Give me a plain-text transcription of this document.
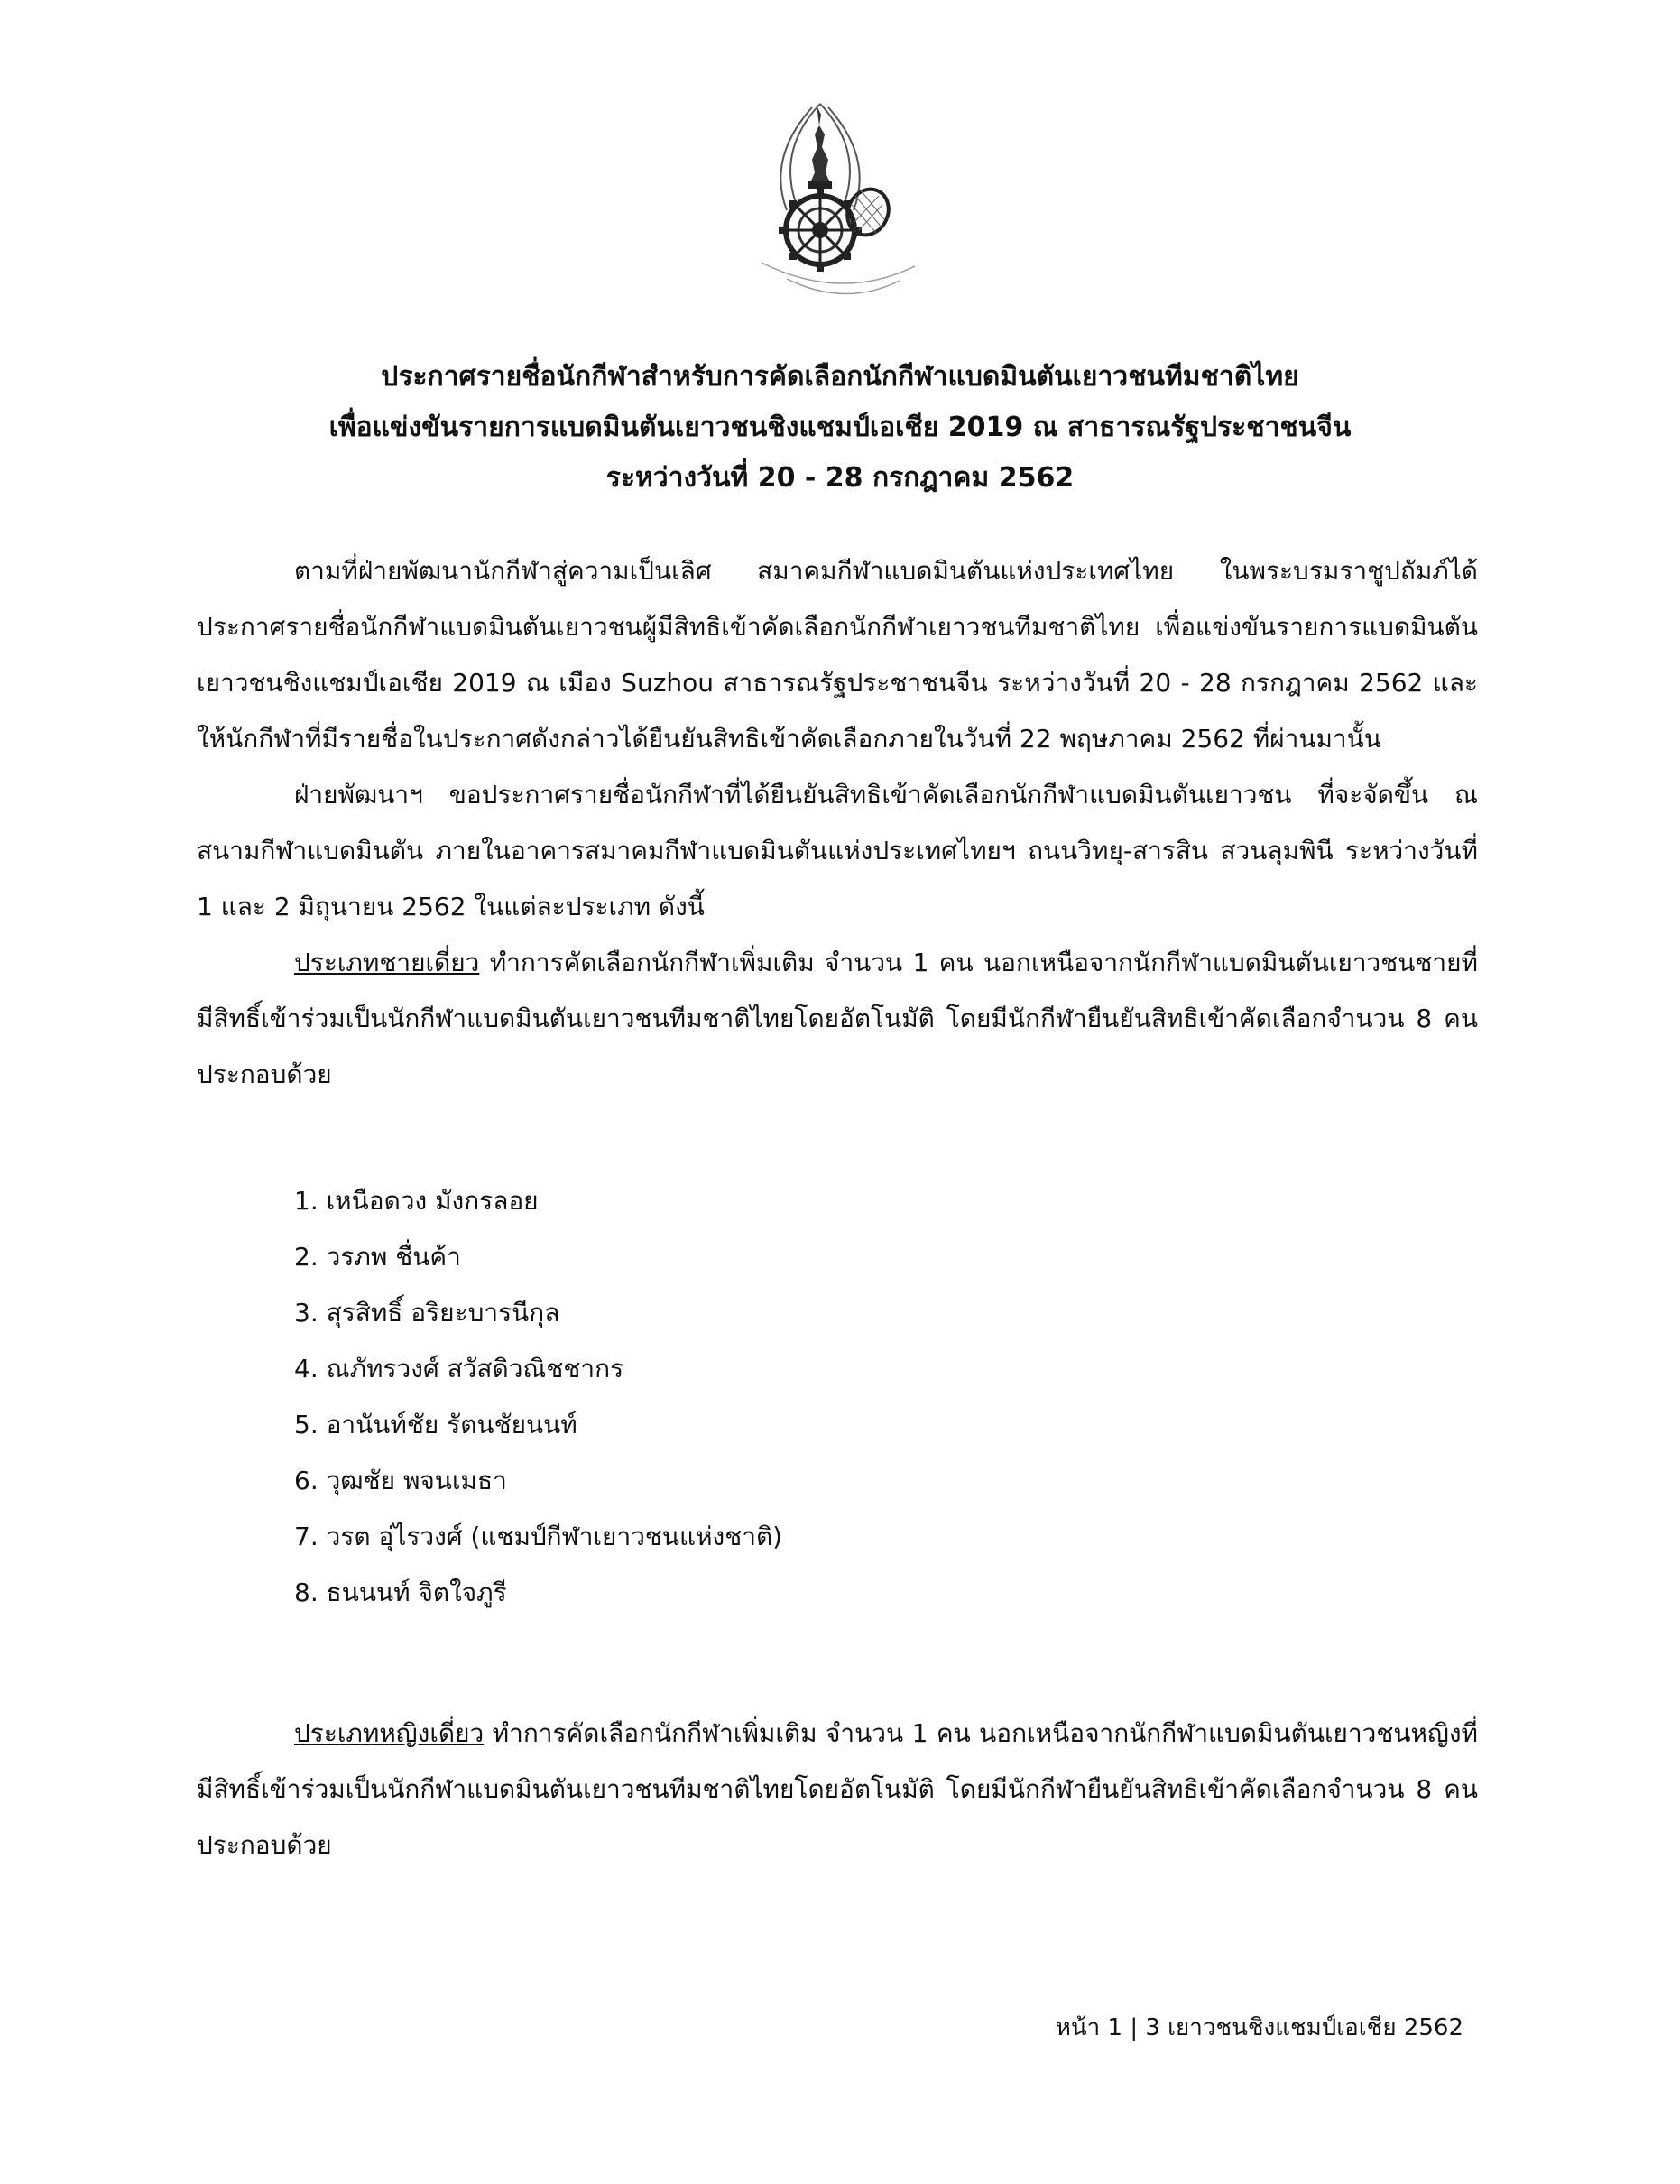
ประกาศรายชื่อนักกีฬาสำหรับการคัดเลือกนักกีฬาแบดมินตันเยาวชนทีมชาติไทย
เพื่อแข่งขันรายการแบดมินตันเยาวชนชิงแชมป์เอเชีย 2019 ณ สาธารณรัฐประชาชนจีน
ระหว่างวันที่ 20 - 28 กรกฎาคม 2562

ตามที่ฝ่ายพัฒนานักกีฬาสู่ความเป็นเลิศ สมาคมกีฬาแบดมินตันแห่งประเทศไทย ในพระบรมราชูปถัมภ์ได้ประกาศรายชื่อนักกีฬาแบดมินตันเยาวชนผู้มีสิทธิเข้าคัดเลือกนักกีฬาเยาวชนทีมชาติไทย เพื่อแข่งขันรายการแบดมินตันเยาวชนชิงแชมป์เอเชีย 2019 ณ เมือง Suzhou สาธารณรัฐประชาชนจีน ระหว่างวันที่ 20 - 28 กรกฎาคม 2562 และให้นักกีฬาที่มีรายชื่อในประกาศดังกล่าวได้ยืนยันสิทธิเข้าคัดเลือกภายในวันที่ 22 พฤษภาคม 2562 ที่ผ่านมานั้น

ฝ่ายพัฒนาฯ ขอประกาศรายชื่อนักกีฬาที่ได้ยืนยันสิทธิเข้าคัดเลือกนักกีฬาแบดมินตันเยาวชน ที่จะจัดขึ้น ณ สนามกีฬาแบดมินตัน ภายในอาคารสมาคมกีฬาแบดมินตันแห่งประเทศไทยฯ ถนนวิทยุ-สารสิน สวนลุมพินี ระหว่างวันที่ 1 และ 2 มิถุนายน 2562 ในแต่ละประเภท ดังนี้

ประเภทชายเดี่ยว ทำการคัดเลือกนักกีฬาเพิ่มเติม จำนวน 1 คน นอกเหนือจากนักกีฬาแบดมินตันเยาวชนชายที่มีสิทธิ์เข้าร่วมเป็นนักกีฬาแบดมินตันเยาวชนทีมชาติไทยโดยอัตโนมัติ โดยมีนักกีฬายืนยันสิทธิเข้าคัดเลือกจำนวน 8 คน ประกอบด้วย

1. เหนือดวง มังกรลอย
2. วรภพ ชื่นค้า
3. สุรสิทธิ์ อริยะบารนีกุล
4. ณภัทรวงศ์ สวัสดิวณิชชากร
5. อานันท์ชัย รัตนชัยนนท์
6. วุฒชัย พจนเมธา
7. วรต อุ่ไรวงศ์ (แชมป์กีฬาเยาวชนแห่งชาติ)
8. ธนนนท์ จิตใจภูรี

ประเภทหญิงเดี่ยว ทำการคัดเลือกนักกีฬาเพิ่มเติม จำนวน 1 คน นอกเหนือจากนักกีฬาแบดมินตันเยาวชนหญิงที่มีสิทธิ์เข้าร่วมเป็นนักกีฬาแบดมินตันเยาวชนทีมชาติไทยโดยอัตโนมัติ โดยมีนักกีฬายืนยันสิทธิเข้าคัดเลือกจำนวน 8 คน ประกอบด้วย

หน้า 1 | 3 เยาวชนชิงแชมป์เอเชีย 2562
